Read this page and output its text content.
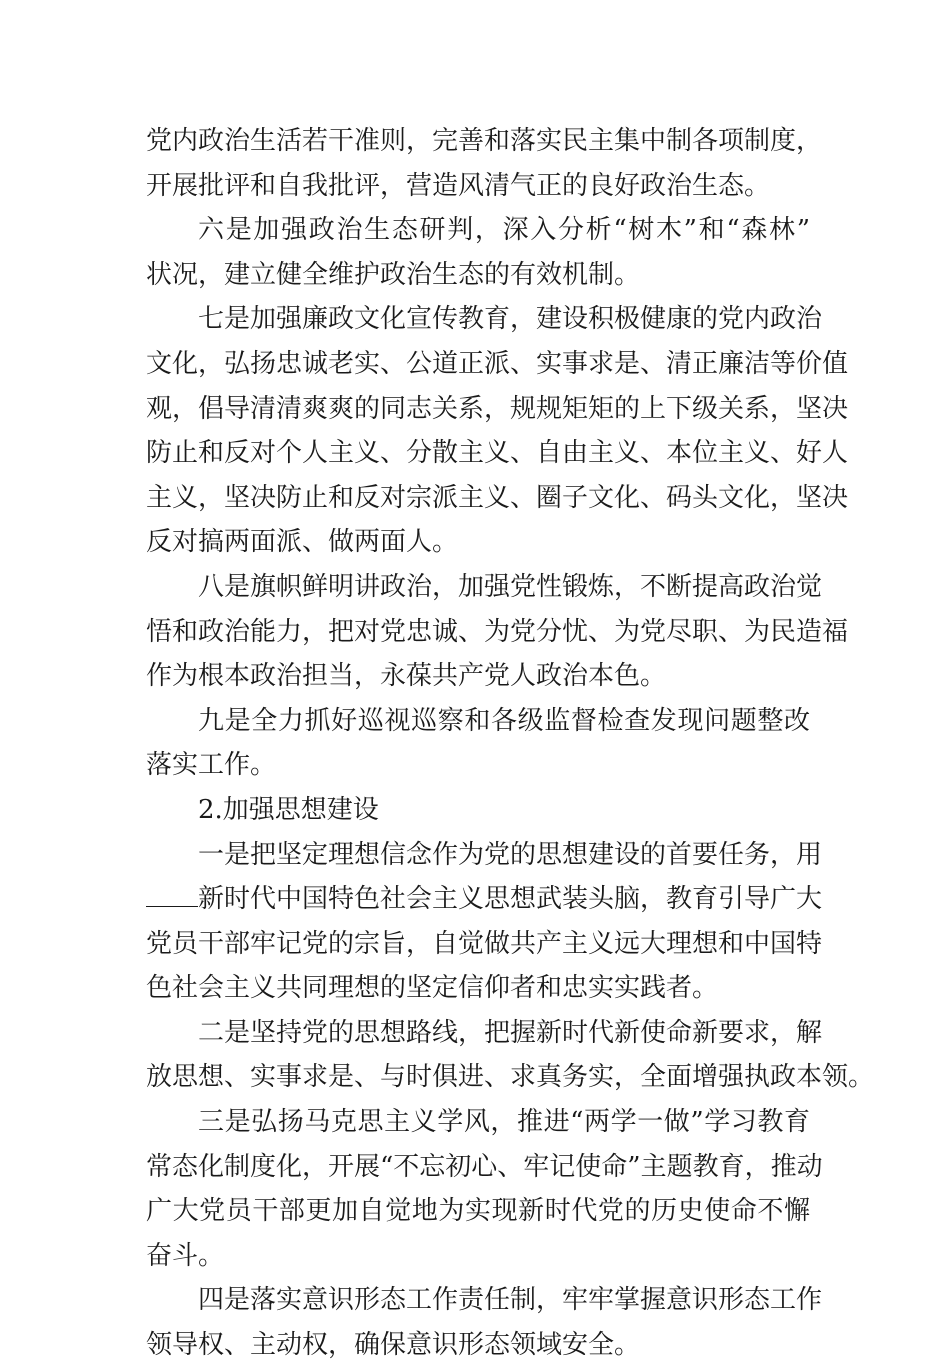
党内政治生活若干准则，完善和落实民主集中制各项制度，
开展批评和自我批评，营造风清气正的良好政治生态。
六是加强政治生态研判，深入分析“树木”和“森林”
状况，建立健全维护政治生态的有效机制。
七是加强廉政文化宣传教育，建设积极健康的党内政治
文化，弘扬忠诚老实、公道正派、实事求是、清正廉洁等价值
观，倡导清清爽爽的同志关系，规规矩矩的上下级关系，坚决
防止和反对个人主义、分散主义、自由主义、本位主义、好人
主义，坚决防止和反对宗派主义、圈子文化、码头文化，坚决
反对搞两面派、做两面人。
八是旗帜鲜明讲政治，加强党性锻炼，不断提高政治觉
悟和政治能力，把对党忠诚、为党分忧、为党尽职、为民造福
作为根本政治担当，永葆共产党人政治本色。
九是全力抓好巡视巡察和各级监督检查发现问题整改
落实工作。
2.加强思想建设
一是把坚定理想信念作为党的思想建设的首要任务，用
新时代中国特色社会主义思想武装头脑，教育引导广大
党员干部牢记党的宗旨，自觉做共产主义远大理想和中国特
色社会主义共同理想的坚定信仰者和忠实实践者。
二是坚持党的思想路线，把握新时代新使命新要求，解
放思想、实事求是、与时俱进、求真务实，全面增强执政本领。
三是弘扬马克思主义学风，推进“两学一做”学习教育
常态化制度化，开展“不忘初心、牢记使命”主题教育，推动
广大党员干部更加自觉地为实现新时代党的历史使命不懈
奋斗。
四是落实意识形态工作责任制，牢牢掌握意识形态工作
领导权、主动权，确保意识形态领域安全。
